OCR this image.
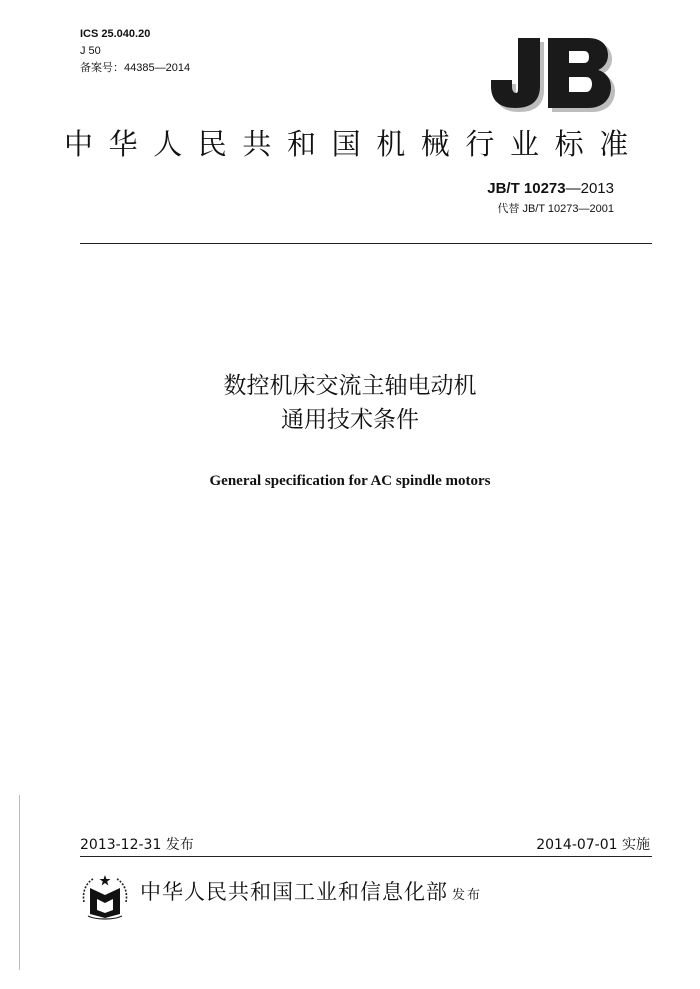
ICS 25.040.20
J 50
备案号：44385—2014
中华人民共和国机械行业标准
JB/T 10273—2013
代替 JB/T 10273—2001
数控机床交流主轴电动机
通用技术条件
General specification for AC spindle motors
2013-12-31 发布	2014-07-01 实施
中华人民共和国工业和信息化部 发布
